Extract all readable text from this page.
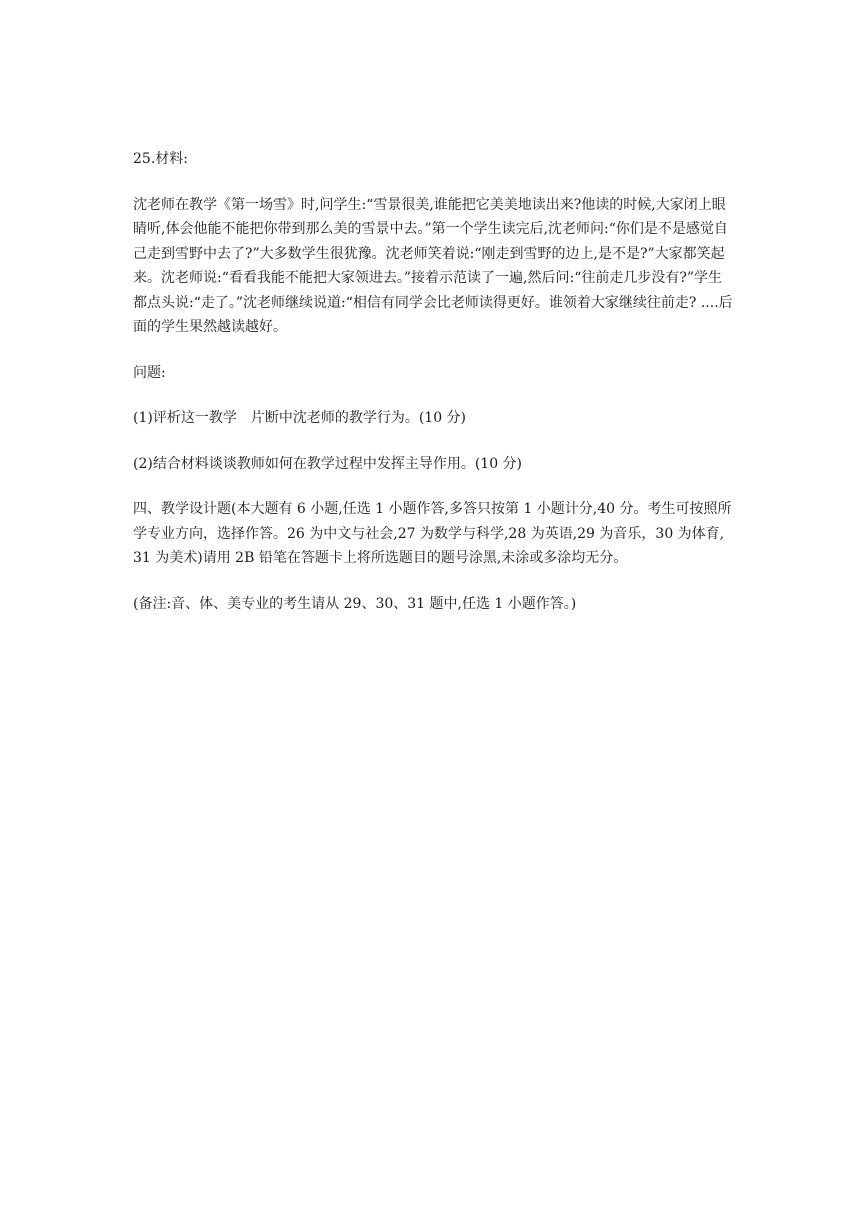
25.材料:

沈老师在教学《第一场雪》时,问学生:“雪景很美,谁能把它美美地读出来?他读的时候,大家闭上眼睛听,体会他能不能把你带到那么美的雪景中去。”第一个学生读完后,沈老师问:“你们是不是感觉自己走到雪野中去了?”大多数学生很犹豫。沈老师笑着说:“刚走到雪野的边上,是不是?”大家都笑起来。沈老师说:“看看我能不能把大家领进去。”接着示范读了一遍,然后问:“往前走几步没有?”学生都点头说:“走了。”沈老师继续说道:“相信有同学会比老师读得更好。谁领着大家继续往前走? ....后面的学生果然越读越好。

问题:

(1)评析这一教学　片断中沈老师的教学行为。(10 分)

(2)结合材料谈谈教师如何在教学过程中发挥主导作用。(10 分)

四、教学设计题(本大题有 6 小题,任选 1 小题作答,多答只按第 1 小题计分,40 分。考生可按照所学专业方向，选择作答。26 为中文与社会,27 为数学与科学,28 为英语,29 为音乐，30 为体育,31 为美术)请用 2B 铅笔在答题卡上将所选题目的题号涂黑,未涂或多涂均无分。

(备注:音、体、美专业的考生请从 29、30、31 题中,任选 1 小题作答。)
